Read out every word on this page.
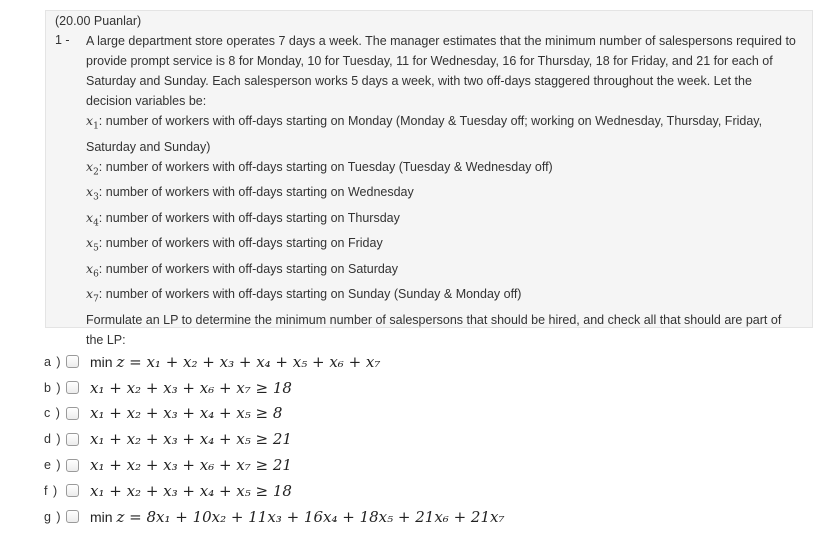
(20.00 Puanlar)
1 - A large department store operates 7 days a week. The manager estimates that the minimum number of salespersons required to provide prompt service is 8 for Monday, 10 for Tuesday, 11 for Wednesday, 16 for Thursday, 18 for Friday, and 21 for each of Saturday and Sunday. Each salesperson works 5 days a week, with two off-days staggered throughout the week. Let the decision variables be:

$x_1$: number of workers with off-days starting on Monday (Monday & Tuesday off; working on Wednesday, Thursday, Friday, Saturday and Sunday)

$x_2$: number of workers with off-days starting on Tuesday (Tuesday & Wednesday off)

$x_3$: number of workers with off-days starting on Wednesday

$x_4$: number of workers with off-days starting on Thursday

$x_5$: number of workers with off-days starting on Friday

$x_6$: number of workers with off-days starting on Saturday

$x_7$: number of workers with off-days starting on Sunday (Sunday & Monday off)

Formulate an LP to determine the minimum number of salespersons that should be hired, and check all that should are part of the LP:

a )	min z = x₁ + x₂ + x₃ + x₄ + x₅ + x₆ + x₇
b ) x₁ + x₂ + x₃ + x₆ + x₇ ≥ 18
c )	x₁ + x₂ + x₃ + x₄ + x₅ ≥ 8
d ) x₁ + x₂ + x₃ + x₄ + x₅ ≥ 21
e ) x₁ + x₂ + x₃ + x₆ + x₇ ≥ 21
f )	x₁ + x₂ + x₃ + x₄ + x₅ ≥ 18
g )	min z = 8x₁ + 10x₂ + 11x₃ + 16x₄ + 18x₅ + 21x₆ + 21x₇
